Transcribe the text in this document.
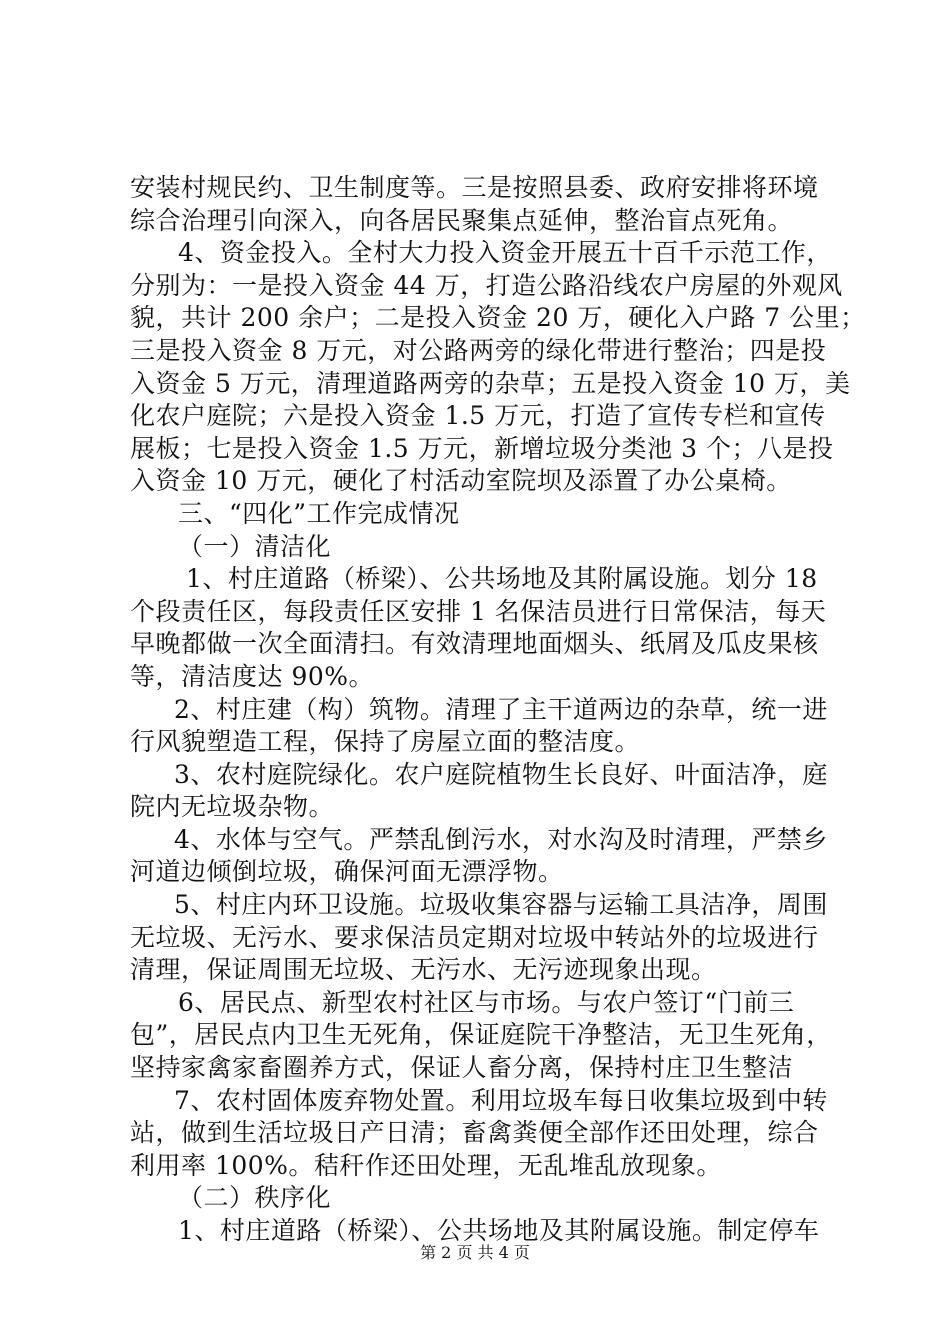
安装村规民约、卫生制度等。三是按照县委、政府安排将环境
综合治理引向深入，向各居民聚集点延伸，整治盲点死角。
4、资金投入。全村大力投入资金开展五十百千示范工作，
分别为：一是投入资金 44 万，打造公路沿线农户房屋的外观风
貌，共计 200 余户；二是投入资金 20 万，硬化入户路 7 公里；
三是投入资金 8 万元，对公路两旁的绿化带进行整治；四是投
入资金 5 万元，清理道路两旁的杂草；五是投入资金 10 万，美
化农户庭院；六是投入资金 1.5 万元，打造了宣传专栏和宣传
展板；七是投入资金 1.5 万元，新增垃圾分类池 3 个；八是投
入资金 10 万元，硬化了村活动室院坝及添置了办公桌椅。
三、“四化”工作完成情况
（一）清洁化
1、村庄道路（桥梁）、公共场地及其附属设施。划分 18
个段责任区，每段责任区安排 1 名保洁员进行日常保洁，每天
早晚都做一次全面清扫。有效清理地面烟头、纸屑及瓜皮果核
等，清洁度达 90%。
2、村庄建（构）筑物。清理了主干道两边的杂草，统一进
行风貌塑造工程，保持了房屋立面的整洁度。
3、农村庭院绿化。农户庭院植物生长良好、叶面洁净，庭
院内无垃圾杂物。
4、水体与空气。严禁乱倒污水，对水沟及时清理，严禁乡
河道边倾倒垃圾，确保河面无漂浮物。
5、村庄内环卫设施。垃圾收集容器与运输工具洁净，周围
无垃圾、无污水、要求保洁员定期对垃圾中转站外的垃圾进行
清理，保证周围无垃圾、无污水、无污迹现象出现。
6、居民点、新型农村社区与市场。与农户签订“门前三
包”，居民点内卫生无死角，保证庭院干净整洁，无卫生死角，
坚持家禽家畜圈养方式，保证人畜分离，保持村庄卫生整洁
7、农村固体废弃物处置。利用垃圾车每日收集垃圾到中转
站，做到生活垃圾日产日清；畜禽粪便全部作还田处理，综合
利用率 100%。秸秆作还田处理，无乱堆乱放现象。
（二）秩序化
1、村庄道路（桥梁）、公共场地及其附属设施。制定停车
第 2 页 共 4 页
